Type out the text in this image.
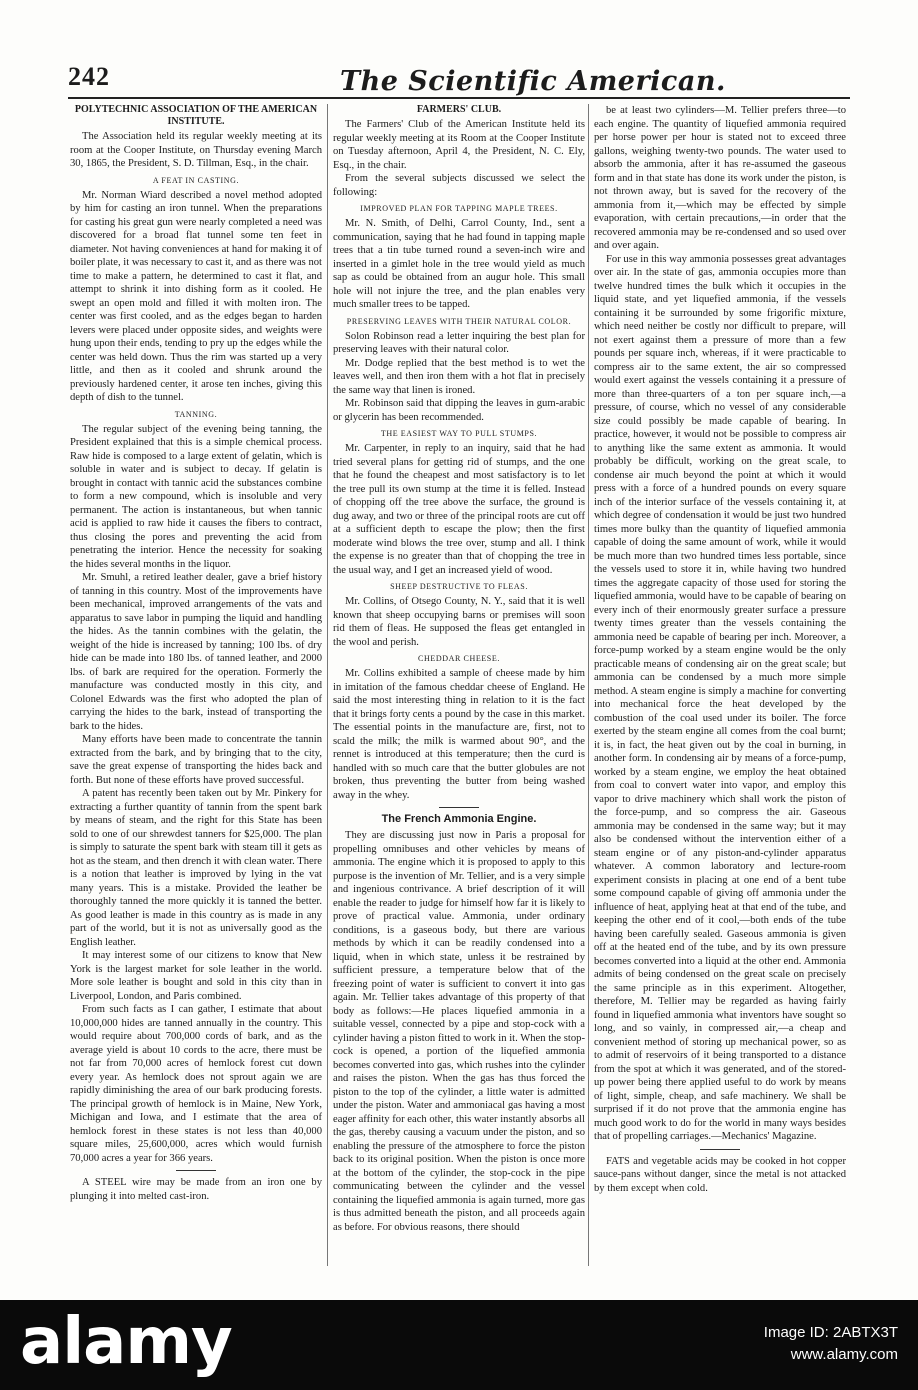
242	The Scientific American.
POLYTECHNIC ASSOCIATION OF THE AMERICAN INSTITUTE.

The Association held its regular weekly meeting at its room at the Cooper Institute, on Thursday evening March 30, 1865, the President, S. D. Tillman, Esq., in the chair.

A FEAT IN CASTING.

Mr. Norman Wiard described a novel method adopted by him for casting an iron tunnel. When the preparations for casting his great gun were nearly completed a need was discovered for a broad flat tunnel some ten feet in diameter. Not having conveniences at hand for making it of boiler plate, it was necessary to cast it, and as there was not time to make a pattern, he determined to cast it flat, and attempt to shrink it into dishing form as it cooled. He swept an open mold and filled it with molten iron. The center was first cooled, and as the edges began to harden levers were placed under opposite sides, and weights were hung upon their ends, tending to pry up the edges while the center was held down. Thus the rim was started up a very little, and then as it cooled and shrunk around the previously hardened center, it arose ten inches, giving this depth of dish to the tunnel.

TANNING.

The regular subject of the evening being tanning, the President explained that this is a simple chemical process. Raw hide is composed to a large extent of gelatin, which is soluble in water and is subject to decay. If gelatin is brought in contact with tannic acid the substances combine to form a new compound, which is insoluble and very permanent. The action is instantaneous, but when tannic acid is applied to raw hide it causes the fibers to contract, thus closing the pores and preventing the acid from penetrating the interior. Hence the necessity for soaking the hides several months in the liquor.

Mr. Smuhl, a retired leather dealer, gave a brief history of tanning in this country. Most of the improvements have been mechanical, improved arrangements of the vats and apparatus to save labor in pumping the liquid and handling the hides. As the tannin combines with the gelatin, the weight of the hide is increased by tanning; 100 lbs. of dry hide can be made into 180 lbs. of tanned leather, and 2000 lbs. of bark are required for the operation. Formerly the manufacture was conducted mostly in this city, and Colonel Edwards was the first who adopted the plan of carrying the hides to the bark, instead of transporting the bark to the hides.

Many efforts have been made to concentrate the tannin extracted from the bark, and by bringing that to the city, save the great expense of transporting the hides back and forth. But none of these efforts have proved successful.

A patent has recently been taken out by Mr. Pinkery for extracting a further quantity of tannin from the spent bark by means of steam, and the right for this State has been sold to one of our shrewdest tanners for $25,000. The plan is simply to saturate the spent bark with steam till it gets as hot as the steam, and then drench it with clean water. There is a notion that leather is improved by lying in the vat many years. This is a mistake. Provided the leather be thoroughly tanned the more quickly it is tanned the better. As good leather is made in this country as is made in any part of the world, but it is not as universally good as the English leather.

It may interest some of our citizens to know that New York is the largest market for sole leather in the world. More sole leather is bought and sold in this city than in Liverpool, London, and Paris combined.

From such facts as I can gather, I estimate that about 10,000,000 hides are tanned annually in the country. This would require about 700,000 cords of bark, and as the average yield is about 10 cords to the acre, there must be not far from 70,000 acres of hemlock forest cut down every year. As hemlock does not sprout again we are rapidly diminishing the area of our bark producing forests. The principal growth of hemlock is in Maine, New York, Michigan and Iowa, and I estimate that the area of hemlock forest in these states is not less than 40,000 square miles, 25,600,000, acres which would furnish 70,000 acres a year for 366 years.

A STEEL wire may be made from an iron one by plunging it into melted cast-iron.

FARMERS' CLUB.

The Farmers' Club of the American Institute held its regular weekly meeting at its Room at the Cooper Institute on Tuesday afternoon, April 4, the President, N. C. Ely, Esq., in the chair.

From the several subjects discussed we select the following:

IMPROVED PLAN FOR TAPPING MAPLE TREES.

Mr. N. Smith, of Delhi, Carrol County, Ind., sent a communication, saying that he had found in tapping maple trees that a tin tube turned round a seven-inch wire and inserted in a gimlet hole in the tree would yield as much sap as could be obtained from an augur hole. This small hole will not injure the tree, and the plan enables very much smaller trees to be tapped.

PRESERVING LEAVES WITH THEIR NATURAL COLOR.

Solon Robinson read a letter inquiring the best plan for preserving leaves with their natural color.

Mr. Dodge replied that the best method is to wet the leaves well, and then iron them with a hot flat in precisely the same way that linen is ironed.

Mr. Robinson said that dipping the leaves in gum-arabic or glycerin has been recommended.

THE EASIEST WAY TO PULL STUMPS.

Mr. Carpenter, in reply to an inquiry, said that he had tried several plans for getting rid of stumps, and the one that he found the cheapest and most satisfactory is to let the tree pull its own stump at the time it is felled. Instead of chopping off the tree above the surface, the ground is dug away, and two or three of the principal roots are cut off at a sufficient depth to escape the plow; then the first moderate wind blows the tree over, stump and all. I think the expense is no greater than that of chopping the tree in the usual way, and I get an increased yield of wood.

SHEEP DESTRUCTIVE TO FLEAS.

Mr. Collins, of Otsego County, N. Y., said that it is well known that sheep occupying barns or premises will soon rid them of fleas. He supposed the fleas get entangled in the wool and perish.

CHEDDAR CHEESE.

Mr. Collins exhibited a sample of cheese made by him in imitation of the famous cheddar cheese of England. He said the most interesting thing in relation to it is the fact that it brings forty cents a pound by the case in this market. The essential points in the manufacture are, first, not to scald the milk; the milk is warmed about 90°, and the rennet is introduced at this temperature; then the curd is handled with so much care that the butter globules are not broken, thus preventing the butter from being washed away in the whey.

The French Ammonia Engine.

They are discussing just now in Paris a proposal for propelling omnibuses and other vehicles by means of ammonia. The engine which it is proposed to apply to this purpose is the invention of Mr. Tellier, and is a very simple and ingenious contrivance. A brief description of it will enable the reader to judge for himself how far it is likely to prove of practical value. Ammonia, under ordinary conditions, is a gaseous body, but there are various methods by which it can be readily condensed into a liquid, when in which state, unless it be restrained by sufficient pressure, a temperature below that of the freezing point of water is sufficient to convert it into gas again. Mr. Tellier takes advantage of this property of that body as follows:—He places liquefied ammonia in a suitable vessel, connected by a pipe and stop-cock with a cylinder having a piston fitted to work in it. When the stop-cock is opened, a portion of the liquefied ammonia becomes converted into gas, which rushes into the cylinder and raises the piston. When the gas has thus forced the piston to the top of the cylinder, a little water is admitted under the piston. Water and ammoniacal gas having a most eager affinity for each other, this water instantly absorbs all the gas, thereby causing a vacuum under the piston, and so enabling the pressure of the atmosphere to force the piston back to its original position. When the piston is once more at the bottom of the cylinder, the stop-cock in the pipe communicating between the cylinder and the vessel containing the liquefied ammonia is again turned, more gas is thus admitted beneath the piston, and all proceeds again as before. For obvious reasons, there should

be at least two cylinders—M. Tellier prefers three—to each engine. The quantity of liquefied ammonia required per horse power per hour is stated not to exceed three gallons, weighing twenty-two pounds. The water used to absorb the ammonia, after it has re-assumed the gaseous form and in that state has done its work under the piston, is not thrown away, but is saved for the recovery of the ammonia from it,—which may be effected by simple evaporation, with certain precautions,—in order that the recovered ammonia may be re-condensed and so used over and over again.

For use in this way ammonia possesses great advantages over air. In the state of gas, ammonia occupies more than twelve hundred times the bulk which it occupies in the liquid state, and yet liquefied ammonia, if the vessels containing it be surrounded by some frigorific mixture, which need neither be costly nor difficult to prepare, will not exert against them a pressure of more than a few pounds per square inch, whereas, if it were practicable to compress air to the same extent, the air so compressed would exert against the vessels containing it a pressure of more than three-quarters of a ton per square inch,—a pressure, of course, which no vessel of any considerable size could possibly be made capable of bearing. In practice, however, it would not be possible to compress air to anything like the same extent as ammonia. It would probably be difficult, working on the great scale, to condense air much beyond the point at which it would press with a force of a hundred pounds on every square inch of the interior surface of the vessels containing it, at which degree of condensation it would be just two hundred times more bulky than the quantity of liquefied ammonia capable of doing the same amount of work, while it would be much more than two hundred times less portable, since the vessels used to store it in, while having two hundred times the aggregate capacity of those used for storing the liquefied ammonia, would have to be capable of bearing on every inch of their enormously greater surface a pressure twenty times greater than the vessels containing the ammonia need be capable of bearing per inch. Moreover, a force-pump worked by a steam engine would be the only practicable means of condensing air on the great scale; but ammonia can be condensed by a much more simple method. A steam engine is simply a machine for converting into mechanical force the heat developed by the combustion of the coal used under its boiler. The force exerted by the steam engine all comes from the coal burnt; it is, in fact, the heat given out by the coal in burning, in another form. In condensing air by means of a force-pump, worked by a steam engine, we employ the heat obtained from coal to convert water into vapor, and employ this vapor to drive machinery which shall work the piston of the force-pump, and so compress the air. Gaseous ammonia may be condensed in the same way; but it may also be condensed without the intervention either of a steam engine or of any piston-and-cylinder apparatus whatever. A common laboratory and lecture-room experiment consists in placing at one end of a bent tube some compound capable of giving off ammonia under the influence of heat, applying heat at that end of the tube, and keeping the other end of it cool,—both ends of the tube having been carefully sealed. Gaseous ammonia is given off at the heated end of the tube, and by its own pressure becomes converted into a liquid at the other end. Ammonia admits of being condensed on the great scale on precisely the same principle as in this experiment. Altogether, therefore, M. Tellier may be regarded as having fairly found in liquefied ammonia what inventors have sought so long, and so vainly, in compressed air,—a cheap and convenient method of storing up mechanical power, so as to admit of reservoirs of it being transported to a distance from the spot at which it was generated, and of the stored-up power being there applied useful to do work by means of light, simple, cheap, and safe machinery. We shall be surprised if it do not prove that the ammonia engine has much good work to do for the world in many ways besides that of propelling carriages.—Mechanics' Magazine.

FATS and vegetable acids may be cooked in hot copper sauce-pans without danger, since the metal is not attacked by them except when cold.

alamy	Image ID: 2ABTX3T
www.alamy.com
